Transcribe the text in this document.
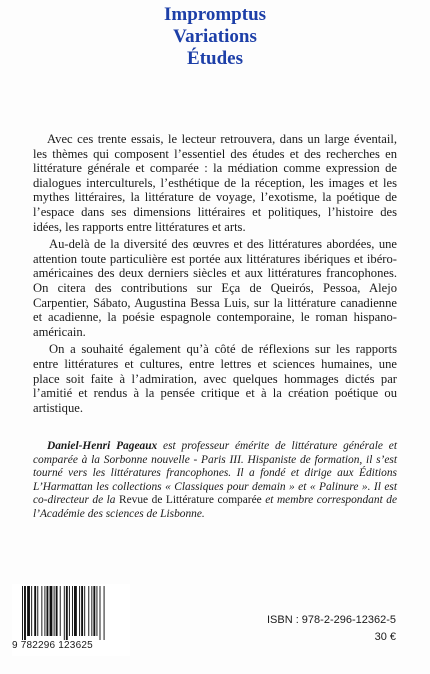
Impromptus
Variations
Études

Avec ces trente essais, le lecteur retrouvera, dans un large éventail, les thèmes qui composent l’essentiel des études et des recherches en littérature générale et comparée : la médiation comme expression de dialogues interculturels, l’esthétique de la réception, les images et les mythes littéraires, la littérature de voyage, l’exotisme, la poétique de l’espace dans ses dimensions littéraires et politiques, l’histoire des idées, les rapports entre littératures et arts.

Au-delà de la diversité des œuvres et des littératures abordées, une attention toute particulière est portée aux littératures ibériques et ibéro-américaines des deux derniers siècles et aux littératures francophones. On citera des contributions sur Eça de Queirós, Pessoa, Alejo Carpentier, Sábato, Augustina Bessa Luis, sur la littérature canadienne et acadienne, la poésie espagnole contemporaine, le roman hispano-américain.

On a souhaité également qu’à côté de réflexions sur les rapports entre littératures et cultures, entre lettres et sciences humaines, une place soit faite à l’admiration, avec quelques hommages dictés par l’amitié et rendus à la pensée critique et à la création poétique ou artistique.

Daniel-Henri Pageaux est professeur émérite de littérature générale et comparée à la Sorbonne nouvelle - Paris III. Hispaniste de formation, il s’est tourné vers les littératures francophones. Il a fondé et dirige aux Éditions L’Harmattan les collections « Classiques pour demain » et « Palinure ». Il est co-directeur de la Revue de Littérature comparée et membre correspondant de l’Académie des sciences de Lisbonne.
9 782296 123625
ISBN : 978-2-296-12362-5
30 €
